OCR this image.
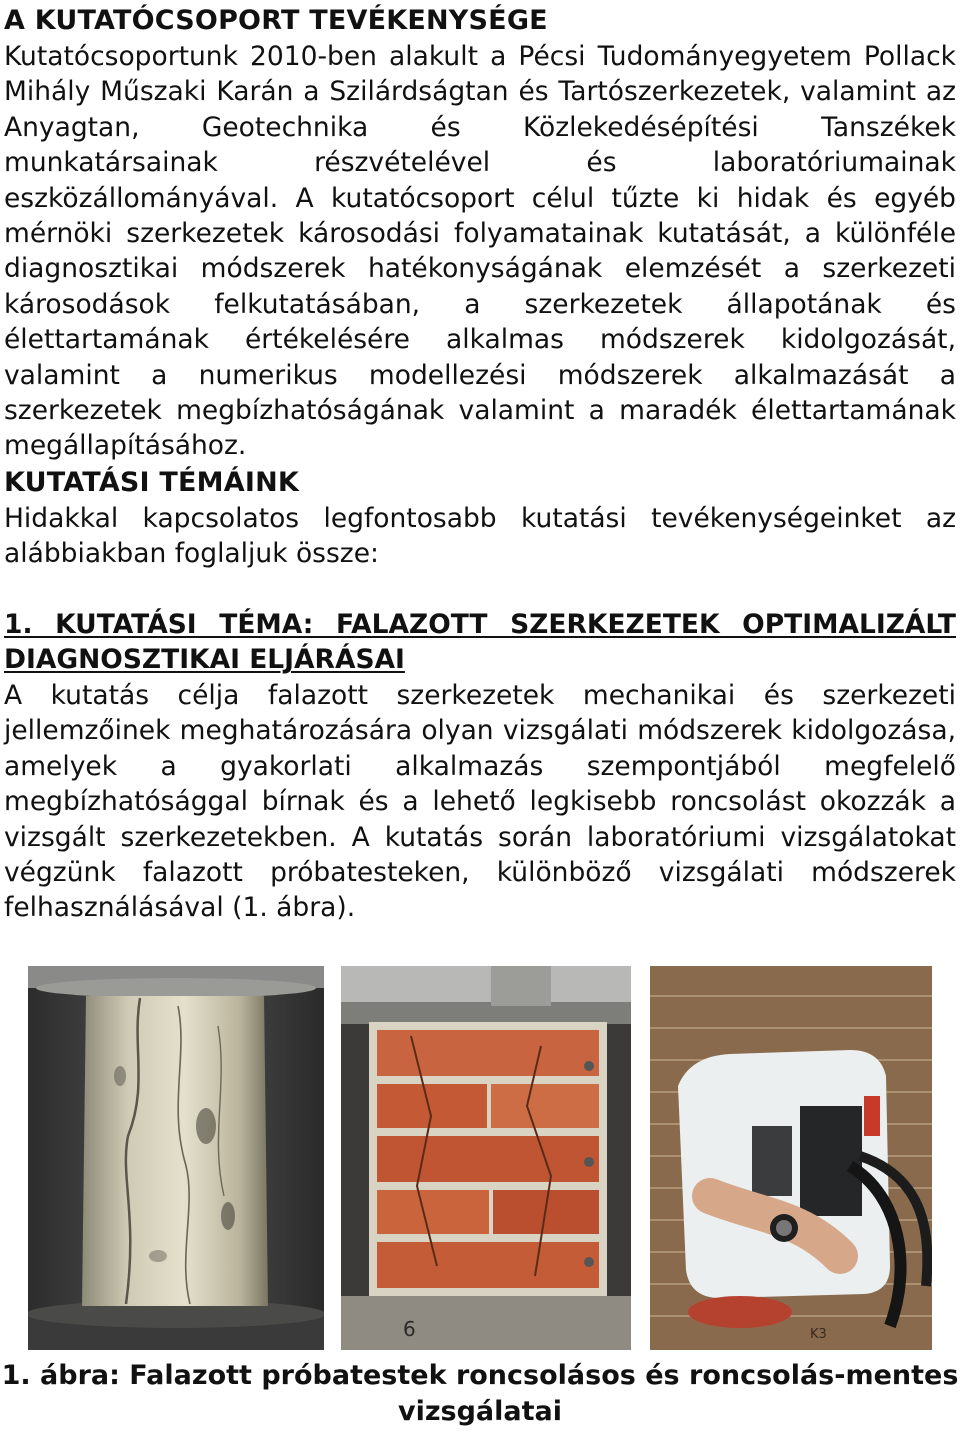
A KUTATÓCSOPORT TEVÉKENYSÉGE

Kutatócsoportunk 2010-ben alakult a Pécsi Tudományegyetem Pollack Mihály Műszaki Karán a Szilárdságtan és Tartószerkezetek, valamint az Anyagtan, Geotechnika és Közlekedésépítési Tanszékek munkatársainak részvételével és laboratóriumainak eszközállományával. A kutatócsoport célul tűzte ki hidak és egyéb mérnöki szerkezetek károsodási folyamatainak kutatását, a különféle diagnosztikai módszerek hatékonyságának elemzését a szerkezeti károsodások felkutatásában, a szerkezetek állapotának és élettartamának értékelésére alkalmas módszerek kidolgozását, valamint a numerikus modellezési módszerek alkalmazását a szerkezetek megbízhatóságának valamint a maradék élettartamának megállapításához.

KUTATÁSI TÉMÁINK

Hidakkal kapcsolatos legfontosabb kutatási tevékenységeinket az alábbiakban foglaljuk össze:

1. KUTATÁSI TÉMA: FALAZOTT SZERKEZETEK OPTIMALIZÁLT DIAGNOSZTIKAI ELJÁRÁSAI

A kutatás célja falazott szerkezetek mechanikai és szerkezeti jellemzőinek meghatározására olyan vizsgálati módszerek kidolgozása, amelyek a gyakorlati alkalmazás szempontjából megfelelő megbízhatósággal bírnak és a lehető legkisebb roncsolást okozzák a vizsgált szerkezetekben. A kutatás során laboratóriumi vizsgálatokat végzünk falazott próbatesteken, különböző vizsgálati módszerek felhasználásával (1. ábra).

6	K3
1. ábra: Falazott próbatestek roncsolásos és roncsolás-mentes vizsgálatai
